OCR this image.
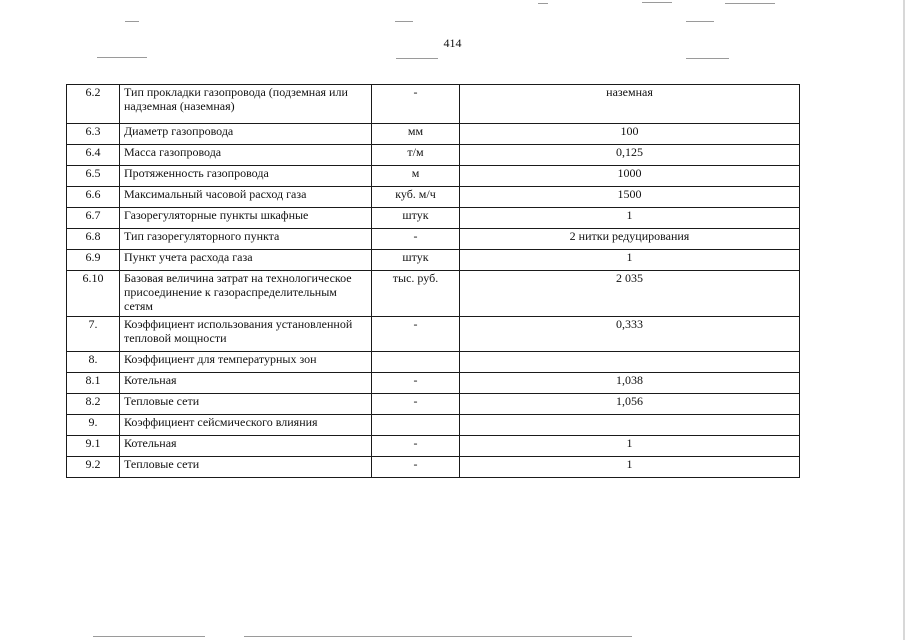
414
6.2	Тип прокладки газопровода (подземная или надземная (наземная)	-	наземная
6.3	Диаметр газопровода	мм	100
6.4	Масса газопровода	т/м	0,125
6.5	Протяженность газопровода	м	1000
6.6	Максимальный часовой расход газа	куб. м/ч	1500
6.7	Газорегуляторные пункты шкафные	штук	1
6.8	Тип газорегуляторного пункта	-	2 нитки редуцирования
6.9	Пункт учета расхода газа	штук	1
6.10	Базовая величина затрат на технологическое присоединение к газораспределительным сетям	тыс. руб.	2 035
7.	Коэффициент использования установленной тепловой мощности	-	0,333
8.	Коэффициент для температурных зон		
8.1	Котельная	-	1,038
8.2	Тепловые сети	-	1,056
9.	Коэффициент сейсмического влияния		
9.1	Котельная	-	1
9.2	Тепловые сети	-	1
